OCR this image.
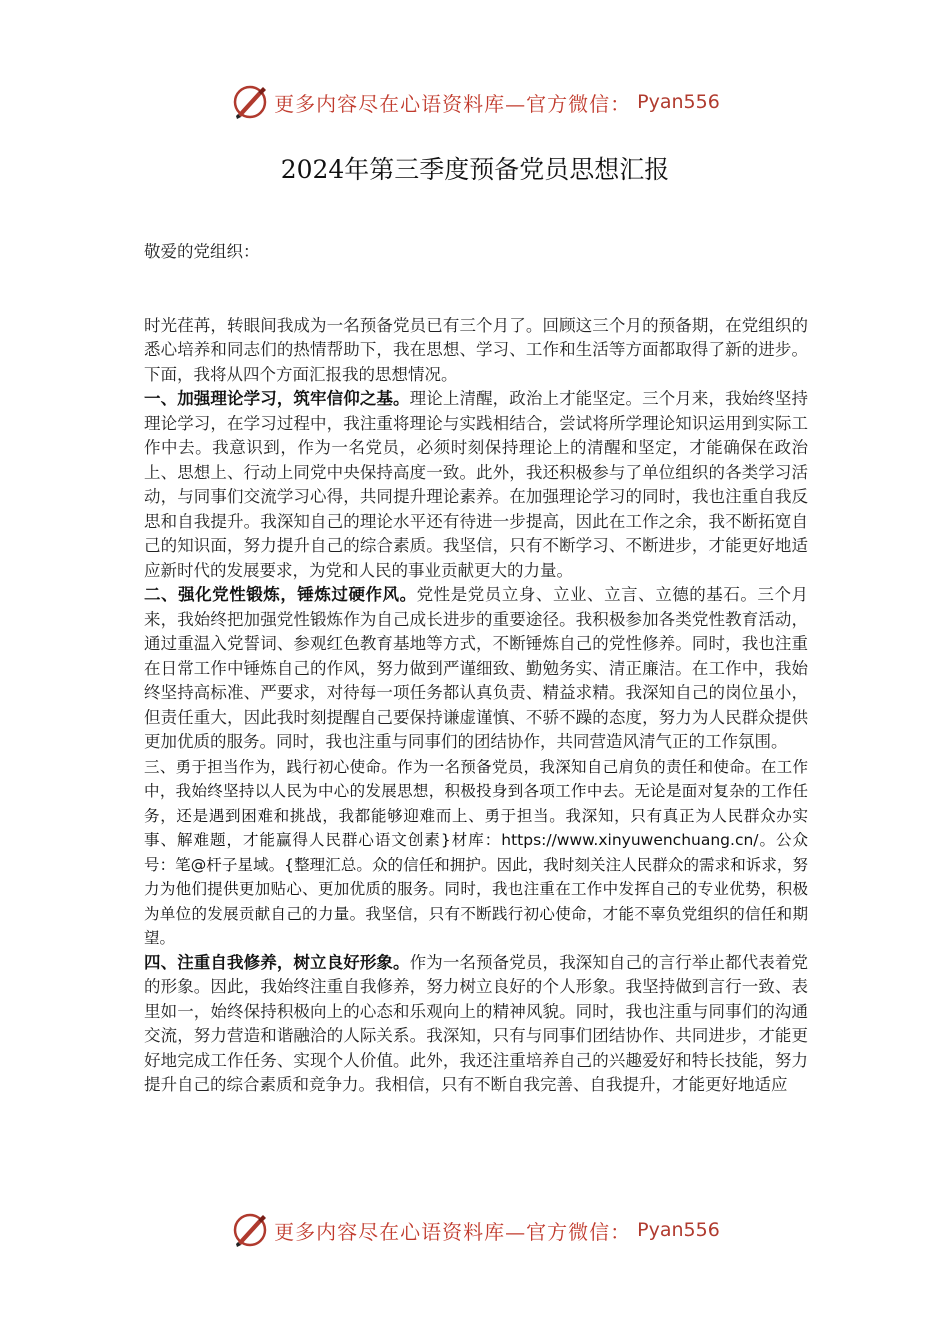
更多内容尽在心语资料库—官方微信： Pyan556
2024年第三季度预备党员思想汇报

敬爱的党组织：

时光荏苒，转眼间我成为一名预备党员已有三个月了。回顾这三个月的预备期，在党组织的悉心培养和同志们的热情帮助下，我在思想、学习、工作和生活等方面都取得了新的进步。下面，我将从四个方面汇报我的思想情况。

一、加强理论学习，筑牢信仰之基。理论上清醒，政治上才能坚定。三个月来，我始终坚持理论学习，在学习过程中，我注重将理论与实践相结合，尝试将所学理论知识运用到实际工作中去。我意识到，作为一名党员，必须时刻保持理论上的清醒和坚定，才能确保在政治上、思想上、行动上同党中央保持高度一致。此外，我还积极参与了单位组织的各类学习活动，与同事们交流学习心得，共同提升理论素养。在加强理论学习的同时，我也注重自我反思和自我提升。我深知自己的理论水平还有待进一步提高，因此在工作之余，我不断拓宽自己的知识面，努力提升自己的综合素质。我坚信，只有不断学习、不断进步，才能更好地适应新时代的发展要求，为党和人民的事业贡献更大的力量。

二、强化党性锻炼，锤炼过硬作风。党性是党员立身、立业、立言、立德的基石。三个月来，我始终把加强党性锻炼作为自己成长进步的重要途径。我积极参加各类党性教育活动，通过重温入党誓词、参观红色教育基地等方式，不断锤炼自己的党性修养。同时，我也注重在日常工作中锤炼自己的作风，努力做到严谨细致、勤勉务实、清正廉洁。在工作中，我始终坚持高标准、严要求，对待每一项任务都认真负责、精益求精。我深知自己的岗位虽小，但责任重大，因此我时刻提醒自己要保持谦虚谨慎、不骄不躁的态度，努力为人民群众提供更加优质的服务。同时，我也注重与同事们的团结协作，共同营造风清气正的工作氛围。

三、勇于担当作为，践行初心使命。作为一名预备党员，我深知自己肩负的责任和使命。在工作中，我始终坚持以人民为中心的发展思想，积极投身到各项工作中去。无论是面对复杂的工作任务，还是遇到困难和挑战，我都能够迎难而上、勇于担当。我深知，只有真正为人民群众办实事、解难题，才能赢得人民群心语文创素}材库：https://www.xinyuwenchuang.cn/。公众号：笔@杆子星域。{整理汇总。众的信任和拥护。因此，我时刻关注人民群众的需求和诉求，努力为他们提供更加贴心、更加优质的服务。同时，我也注重在工作中发挥自己的专业优势，积极为单位的发展贡献自己的力量。我坚信，只有不断践行初心使命，才能不辜负党组织的信任和期望。

四、注重自我修养，树立良好形象。作为一名预备党员，我深知自己的言行举止都代表着党的形象。因此，我始终注重自我修养，努力树立良好的个人形象。我坚持做到言行一致、表里如一，始终保持积极向上的心态和乐观向上的精神风貌。同时，我也注重与同事们的沟通交流，努力营造和谐融洽的人际关系。我深知，只有与同事们团结协作、共同进步，才能更好地完成工作任务、实现个人价值。此外，我还注重培养自己的兴趣爱好和特长技能，努力提升自己的综合素质和竞争力。我相信，只有不断自我完善、自我提升，才能更好地适应

更多内容尽在心语资料库—官方微信： Pyan556
